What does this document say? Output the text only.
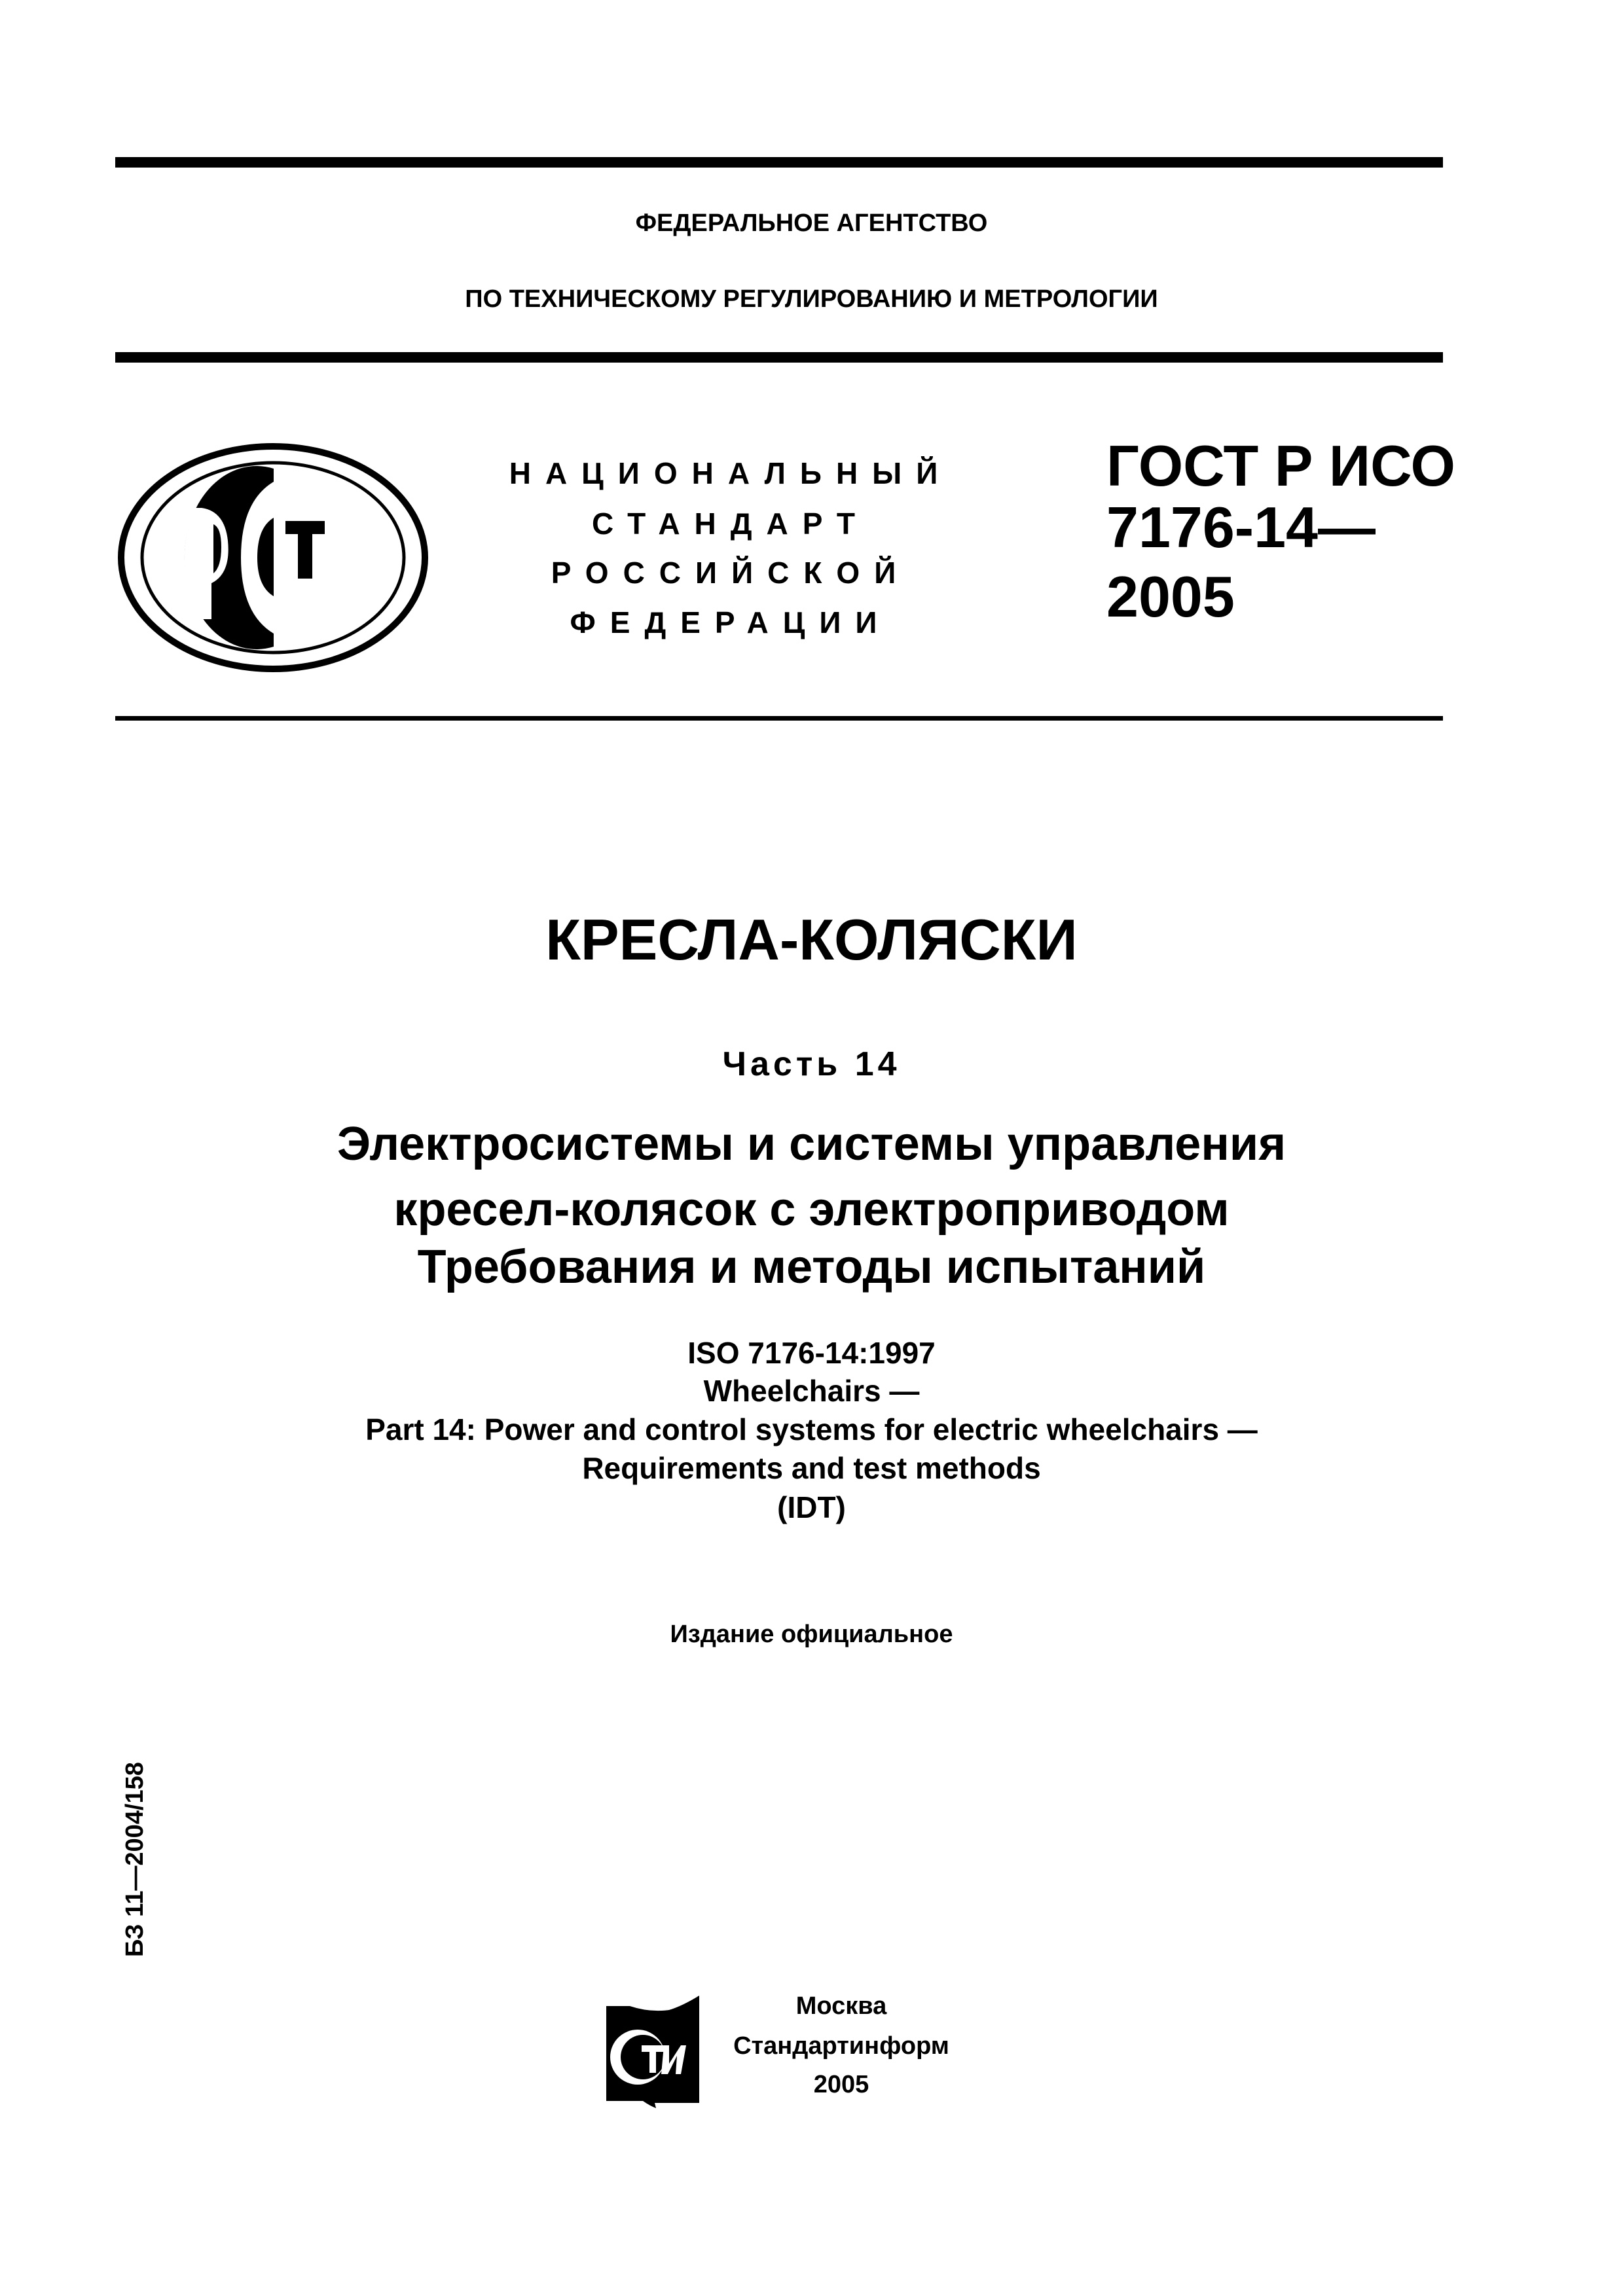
ФЕДЕРАЛЬНОЕ АГЕНТСТВО
ПО ТЕХНИЧЕСКОМУ РЕГУЛИРОВАНИЮ И МЕТРОЛОГИИ
НАЦИОНАЛЬНЫЙ
СТАНДАРТ
РОССИЙСКОЙ
ФЕДЕРАЦИИ
ГОСТ Р ИСО
7176-14—
2005
КРЕСЛА-КОЛЯСКИ
Часть 14
Электросистемы и системы управления
кресел-колясок с электроприводом
Требования и методы испытаний
ISO 7176-14:1997
Wheelchairs —
Part 14: Power and control systems for electric wheelchairs —
Requirements and test methods
(IDT)
Издание официальное
БЗ 11—2004/158
Москва
Стандартинформ
2005
